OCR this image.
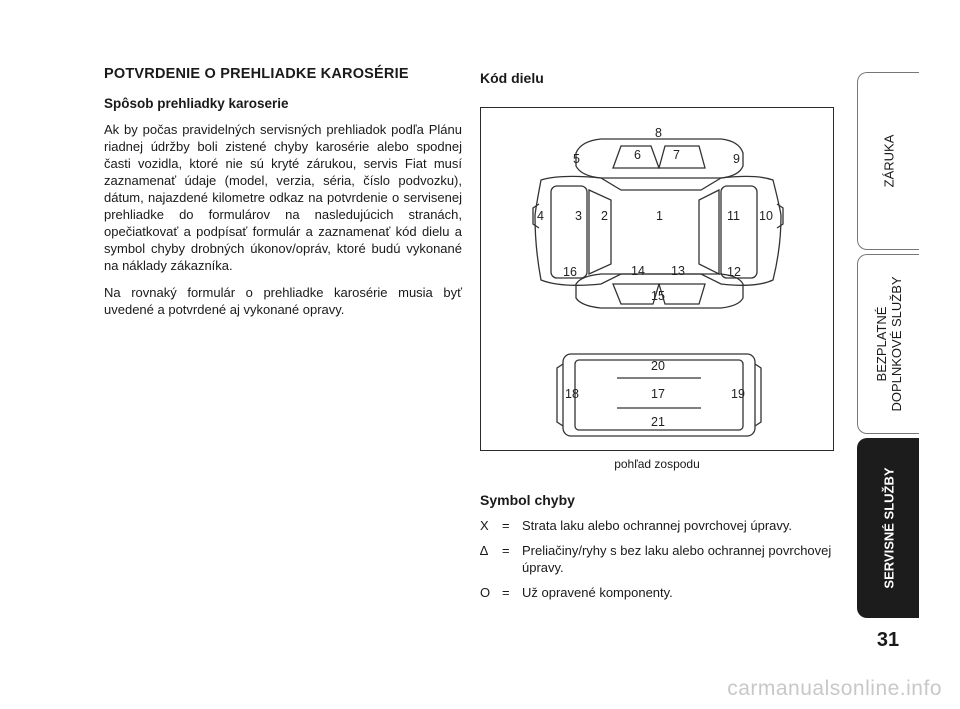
POTVRDENIE O PREHLIADKE KAROSÉRIE
Spôsob prehliadky karoserie

Ak by počas pravidelných servisných prehliadok podľa Plánu riadnej údržby boli zistené chyby karosérie alebo spodnej časti vozidla, ktoré nie sú kryté zárukou, servis Fiat musí zaznamenať údaje (model, verzia, séria, číslo podvozku), dátum, najazdené kilometre odkaz na potvrdenie o servisenej prehliadke do formulárov na nasledujúcich stranách, opečiatkovať a podpísať formulár a zaznamenať kód dielu a symbol chyby drobných úkonov/opráv, ktoré budú vykonané na náklady zákazníka.

Na rovnaký formulár o prehliadke karosérie musia byť uvedené a potvrdené aj vykonané opravy.

Kód dielu
8
5	6	7	9
4 3 2	1	11 10
16	14 13	12
15
20
18	17	19
21
pohľad zospodu
Symbol chyby
X	= Strata laku alebo ochrannej povrchovej úpravy.
∆	= Preliačiny/ryhy s bez laku alebo ochrannej povrchovej úpravy.
O = Už opravené komponenty.
ZÁRUKA
BEZPLATNÉ DOPLNKOVÉ SLUŽBY
SERVISNÉ SLUŽBY
31
carmanualsonline.info
